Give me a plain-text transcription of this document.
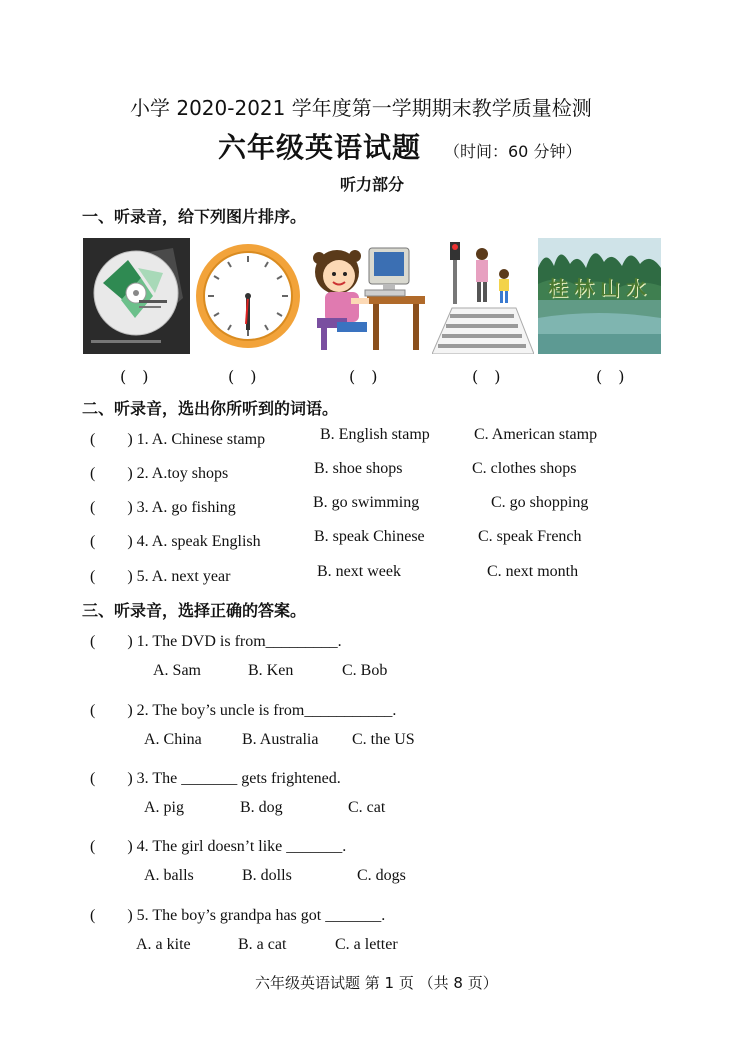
小学 2020-2021 学年度第一学期期末教学质量检测
六年级英语试题 （时间：60 分钟）
听力部分
一、听录音，给下列图片排序。
桂林山水
(　)	(　)	(　)	(　)	(　)
二、听录音，选出你所听到的词语。
(　　) 1. A. Chinese stamp	B. English stamp	C. American stamp
(　　) 2. A.toy shops	B. shoe shops	C. clothes shops
(　　) 3. A. go fishing	B. go swimming	C. go shopping
(　　) 4. A. speak English	B. speak Chinese	C. speak French
(　　) 5. A. next year	B. next week	C. next month
三、听录音，选择正确的答案。
(　　) 1. The DVD is from_________.
A. Sam	B. Ken	C. Bob
(　　) 2. The boy’s uncle is from___________.
A. China	B. Australia C. the US
(　　) 3. The _______ gets frightened.
A. pig	B. dog	C. cat
(　　) 4. The girl doesn’t like _______.
A. balls	B. dolls	C. dogs
(　　) 5. The boy’s grandpa has got _______.
A. a kite	B. a cat	C. a letter
六年级英语试题 第 1 页 （共 8 页）
